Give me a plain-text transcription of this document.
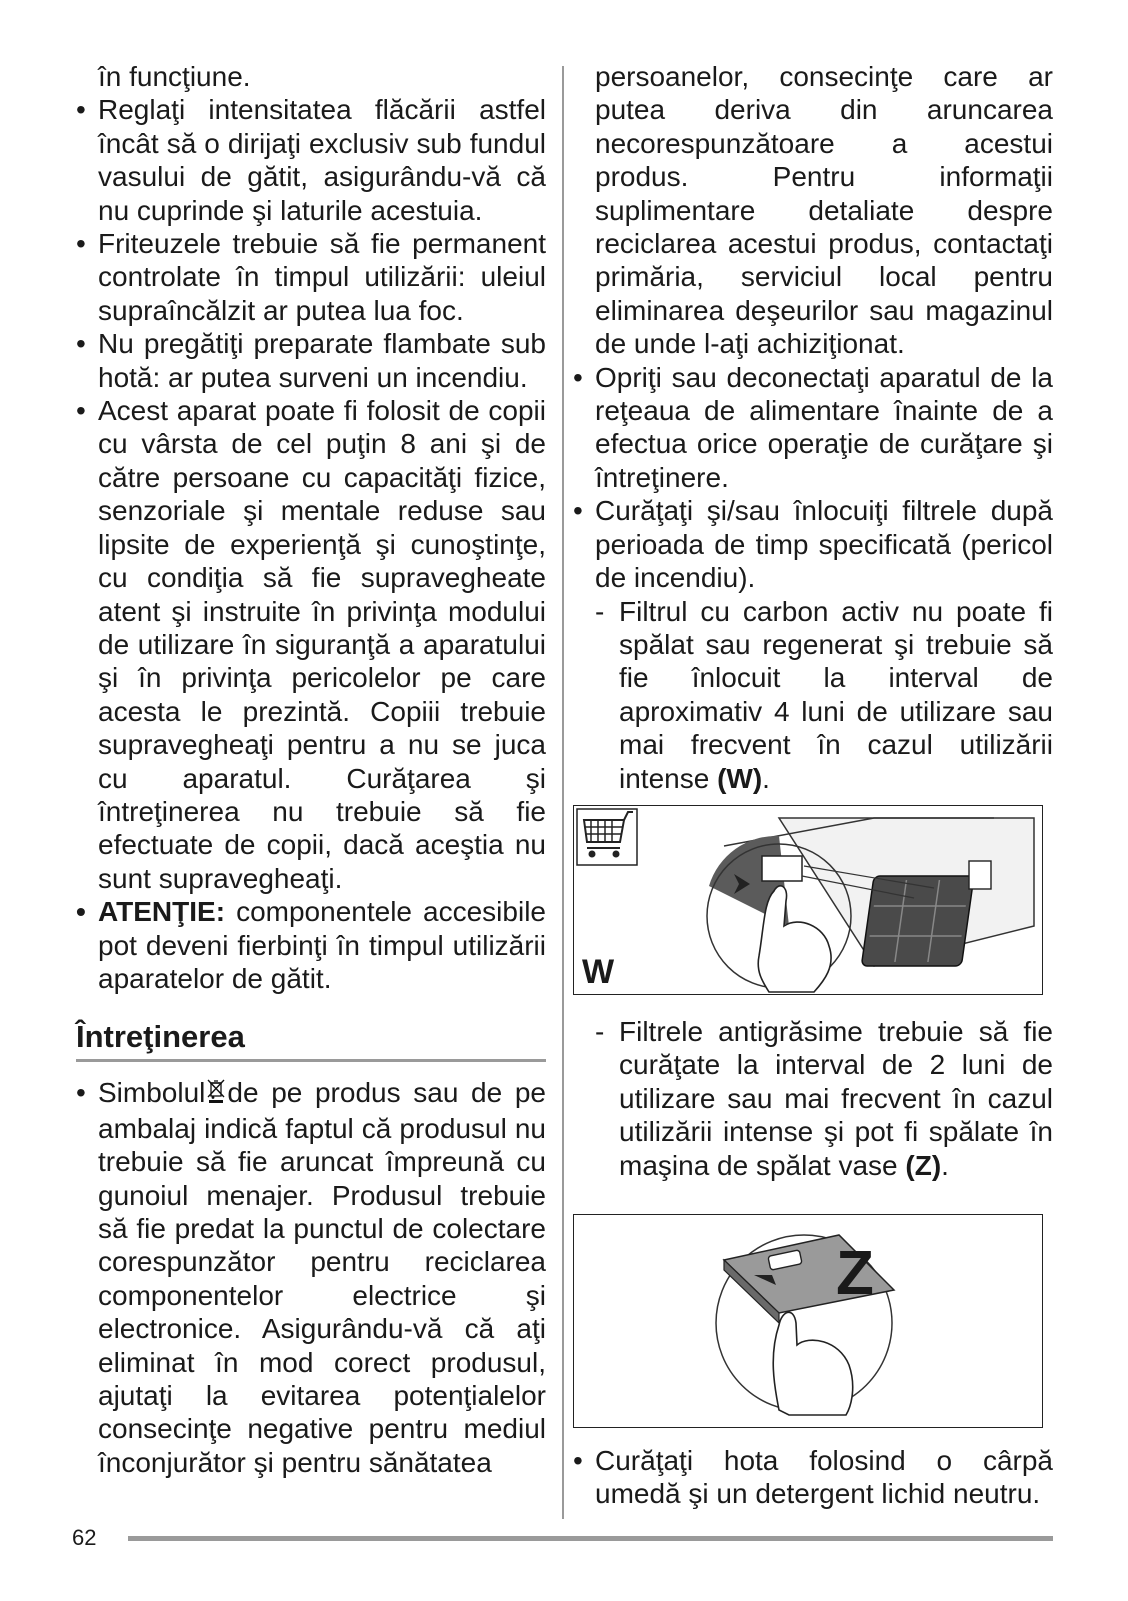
în funcţiune.

• Reglaţi intensitatea flăcării astfel încât să o dirijaţi exclusiv sub fundul vasului de gătit, asigurându-vă că nu cuprinde şi laturile acestuia.

• Friteuzele trebuie să fie permanent controlate în timpul utilizării: uleiul supraîncălzit ar putea lua foc.

• Nu pregătiţi preparate flambate sub hotă: ar putea surveni un incendiu.

• Acest aparat poate fi folosit de copii cu vârsta de cel puţin 8 ani şi de către persoane cu capacităţi fizice, senzoriale şi mentale reduse sau lipsite de experienţă şi cunoştinţe, cu condiţia să fie supravegheate atent şi instruite în privinţa modului de utilizare în siguranţă a aparatului şi în privinţa pericolelor pe care acesta le prezintă. Copiii trebuie supravegheaţi pentru a nu se juca cu aparatul. Curăţarea şi întreţinerea nu trebuie să fie efectuate de copii, dacă aceştia nu sunt supravegheaţi.

• ATENŢIE: componentele accesibile pot deveni fierbinţi în timpul utilizării aparatelor de gătit.

Întreţinerea

• Simbolul de pe produs sau de pe ambalaj indică faptul că produsul nu trebuie să fie aruncat împreună cu gunoiul menajer. Produsul trebuie să fie predat la punctul de colectare corespunzător pentru reciclarea componentelor electrice şi electronice. Asigurându-vă că aţi eliminat în mod corect produsul, ajutaţi la evitarea potenţialelor consecinţe negative pentru mediul înconjurător şi pentru sănătatea

persoanelor, consecinţe care ar putea deriva din aruncarea necorespunzătoare a acestui produs. Pentru informaţii suplimentare detaliate despre reciclarea acestui produs, contactaţi primăria, serviciul local pentru eliminarea deşeurilor sau magazinul de unde l-aţi achiziţionat.

• Opriţi sau deconectaţi aparatul de la reţeaua de alimentare înainte de a efectua orice operaţie de curăţare şi întreţinere.

• Curăţaţi şi/sau înlocuiţi filtrele după perioada de timp specificată (pericol de incendiu).

- Filtrul cu carbon activ nu poate fi spălat sau regenerat şi trebuie să fie înlocuit la interval de aproximativ 4 luni de utilizare sau mai frecvent în cazul utilizării intense (W).

W

- Filtrele antigrăsime trebuie să fie curăţate la interval de 2 luni de utilizare sau mai frecvent în cazul utilizării intense şi pot fi spălate în maşina de spălat vase (Z).

Z

• Curăţaţi hota folosind o cârpă umedă şi un detergent lichid neutru.

62
